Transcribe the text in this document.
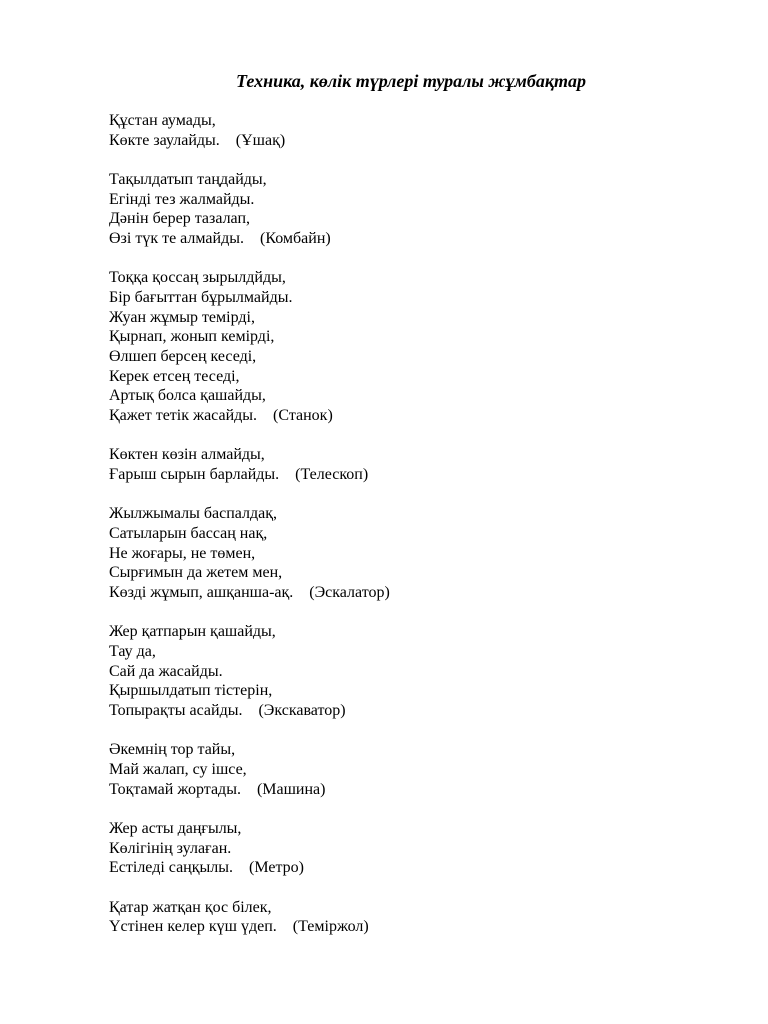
Техника, көлік түрлері туралы жұмбақтар
Құстан аумады,
Көкте заулайды. (Ұшақ)
Тақылдатып таңдайды,
Егінді тез жалмайды.
Дәнін берер тазалап,
Өзі түк те алмайды. (Комбайн)
Тоққа қоссаң зырылдйды,
Бір бағыттан бұрылмайды.
Жуан жұмыр темірді,
Қырнап, жонып кемірді,
Өлшеп берсең кеседі,
Керек етсең теседі,
Артық болса қашайды,
Қажет тетік жасайды. (Станок)
Көктен көзін алмайды,
Ғарыш сырын барлайды. (Телескоп)
Жылжымалы баспалдақ,
Сатыларын бассаң нақ,
Не жоғары, не төмен,
Сырғимын да жетем мен,
Көзді жұмып, ашқанша-ақ. (Эскалатор)
Жер қатпарын қашайды,
Тау да,
Сай да жасайды.
Қыршылдатып тістерін,
Топырақты асайды. (Экскаватор)
Әкемнің тор тайы,
Май жалап, су ішсе,
Тоқтамай жортады. (Машина)
Жер асты даңғылы,
Көлігінің зулаған.
Естіледі саңқылы. (Метро)
Қатар жатқан қос білек,
Үстінен келер күш үдеп. (Теміржол)
